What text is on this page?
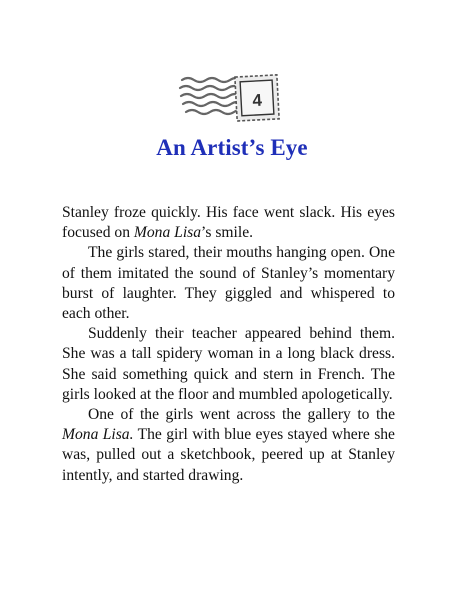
4
An Artist’s Eye

Stanley froze quickly. His face went slack. His eyes focused on Mona Lisa’s smile.

The girls stared, their mouths hanging open. One of them imitated the sound of Stanley’s momentary burst of laughter. They giggled and whispered to each other.

Suddenly their teacher appeared behind them. She was a tall spidery woman in a long black dress. She said something quick and stern in French. The girls looked at the floor and mumbled apologetically.

One of the girls went across the gallery to the Mona Lisa. The girl with blue eyes stayed where she was, pulled out a sketchbook, peered up at Stanley intently, and started drawing.
